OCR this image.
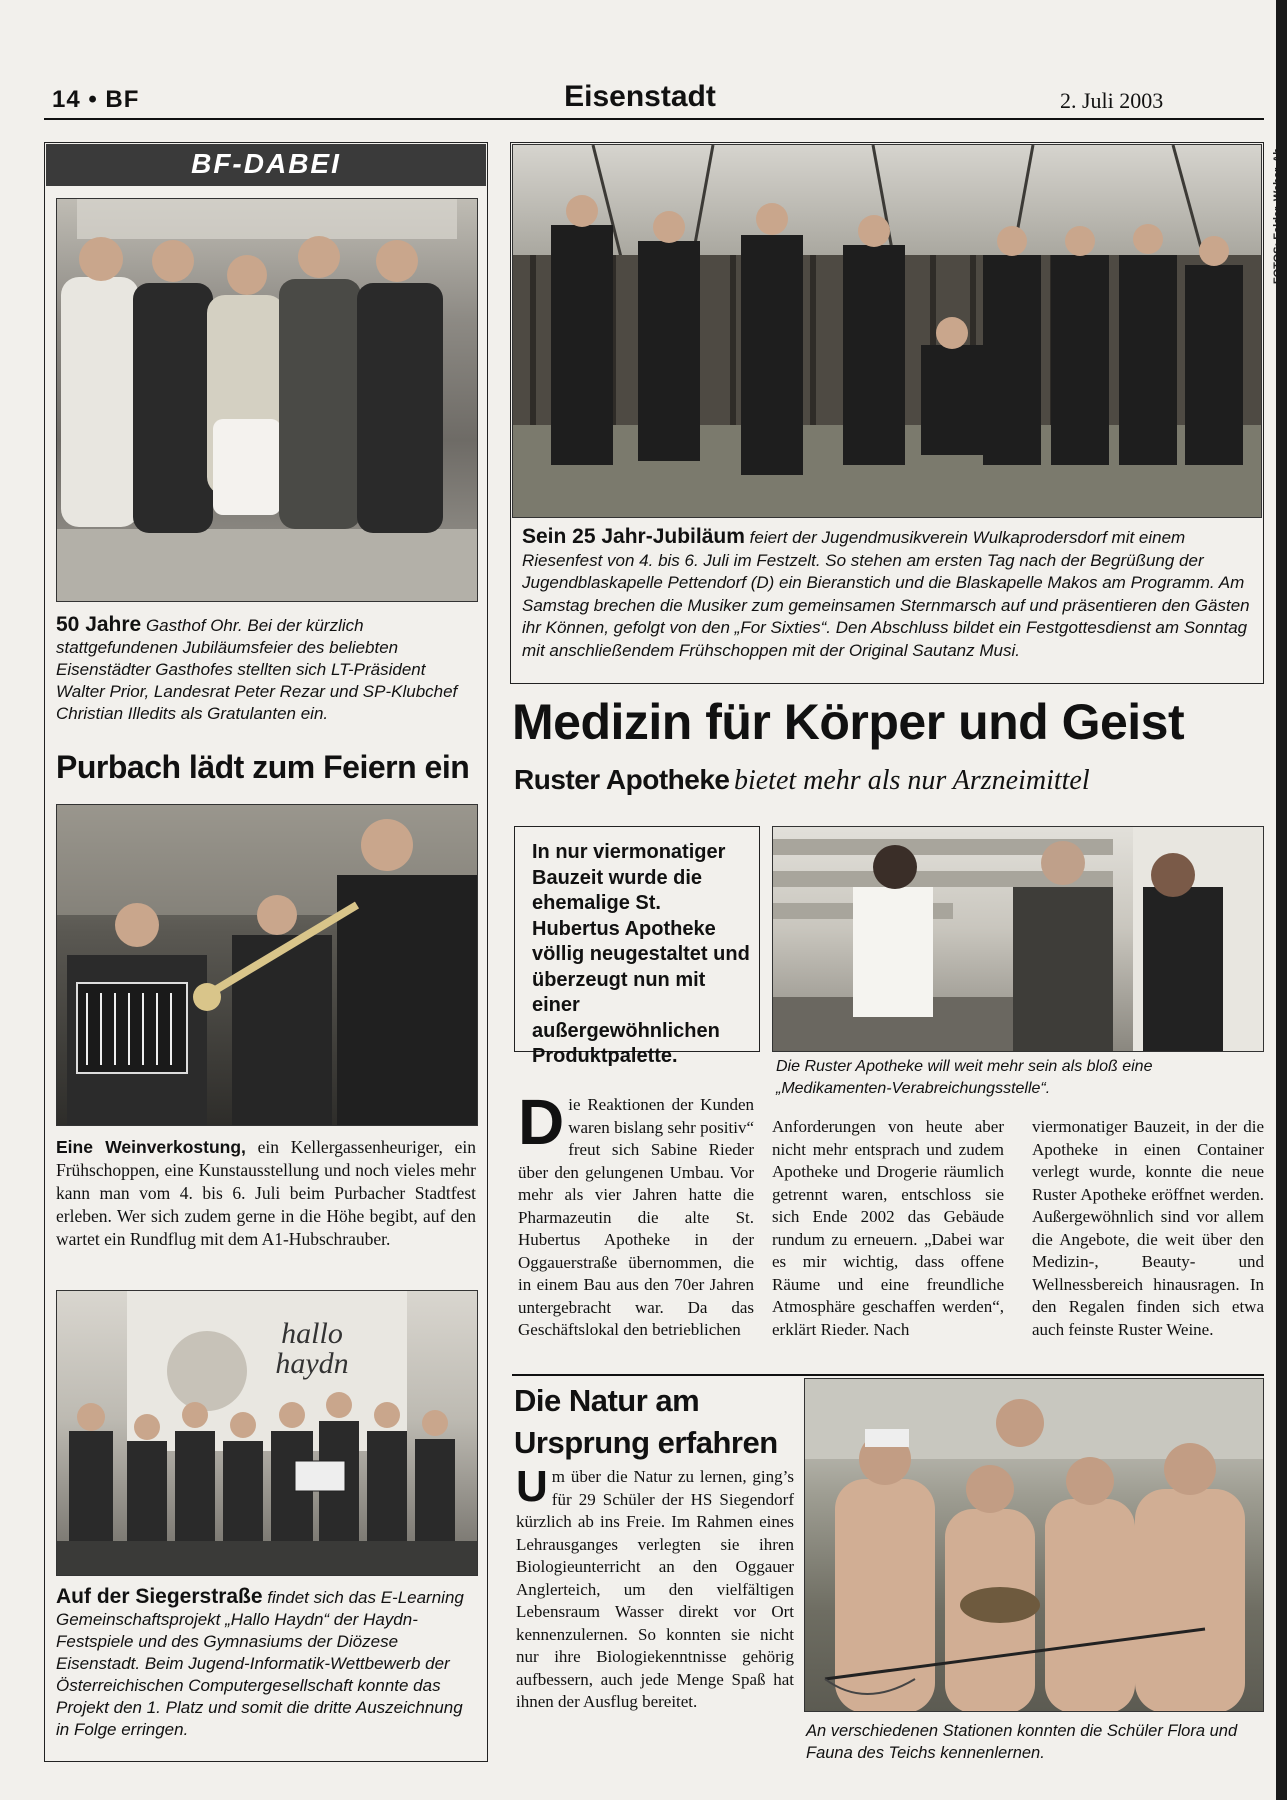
14 • BF	Eisenstadt	2. Juli 2003
BF-DABEI
50 Jahre Gasthof Ohr. Bei der kürzlich stattgefundenen Jubiläumsfeier des beliebten Eisenstädter Gasthofes stellten sich LT-Präsident Walter Prior, Landesrat Peter Rezar und SP-Klubchef Christian Illedits als Gratulanten ein.
Purbach lädt zum Feiern ein
Eine Weinverkostung, ein Kellergassenheuriger, ein Frühschoppen, eine Kunstausstellung und noch vieles mehr kann man vom 4. bis 6. Juli beim Purbacher Stadtfest erleben. Wer sich zudem gerne in die Höhe begibt, auf den wartet ein Rundflug mit dem A1-Hubschrauber.
hallo haydn
Auf der Siegerstraße findet sich das E-Learning Gemeinschaftsprojekt „Hallo Haydn“ der Haydn-Festspiele und des Gymnasiums der Diözese Eisenstadt. Beim Jugend-Informatik-Wettbewerb der Österreichischen Computergesellschaft konnte das Projekt den 1. Platz und somit die dritte Auszeichnung in Folge erringen.
Sein 25 Jahr-Jubiläum feiert der Jugendmusikverein Wulkaprodersdorf mit einem Riesenfest von 4. bis 6. Juli im Festzelt. So stehen am ersten Tag nach der Begrüßung der Jugendblaskapelle Pettendorf (D) ein Bieranstich und die Blaskapelle Makos am Programm. Am Samstag brechen die Musiker zum gemeinsamen Sternmarsch auf und präsentieren den Gästen ihr Können, gefolgt von den „For Sixties“. Den Abschluss bildet ein Festgottesdienst am Sonntag mit anschließendem Frühschoppen mit der Original Sautanz Musi.
Medizin für Körper und Geist
Ruster Apotheke bietet mehr als nur Arzneimittel
In nur viermonatiger Bauzeit wurde die ehemalige St. Hubertus Apotheke völlig neugestaltet und überzeugt nun mit einer außergewöhnlichen Produktpalette.	Die Ruster Apotheke will weit mehr sein als bloß eine „Medikamenten-Verabreichungsstelle“.
Die Reaktionen der Kunden waren bislang sehr positiv“ freut sich Sabine Rieder über den gelungenen Umbau. Vor mehr als vier Jahren hatte die Pharmazeutin die alte St. Hubertus Apotheke in der Oggauerstraße übernommen, die in einem Bau aus den 70er Jahren untergebracht war. Da das Geschäftslokal den betrieblichen
Anforderungen von heute aber nicht mehr entsprach und zudem Apotheke und Drogerie räumlich getrennt waren, entschloss sie sich Ende 2002 das Gebäude rundum zu erneuern. „Dabei war es mir wichtig, dass offene Räume und eine freundliche Atmosphäre geschaffen werden“, erklärt Rieder. Nach
viermonatiger Bauzeit, in der die Apotheke in einen Container verlegt wurde, konnte die neue Ruster Apotheke eröffnet werden. Außergewöhnlich sind vor allem die Angebote, die weit über den Medizin-, Beauty- und Wellnessbereich hinausragen. In den Regalen finden sich etwa auch feinste Ruster Weine.
Die Natur am
Ursprung erfahren
Um über die Natur zu lernen, ging’s für 29 Schüler der HS Siegendorf kürzlich ab ins Freie. Im Rahmen eines Lehrausganges verlegten sie ihren Biologieunterricht an den Oggauer Anglerteich, um den vielfältigen Lebensraum Wasser direkt vor Ort kennenzulernen. So konnten sie nicht nur ihre Biologiekenntnisse gehörig aufbessern, auch jede Menge Spaß hat ihnen der Ausflug bereitet.
An verschiedenen Stationen konnten die Schüler Flora und Fauna des Teichs kennenlernen.
